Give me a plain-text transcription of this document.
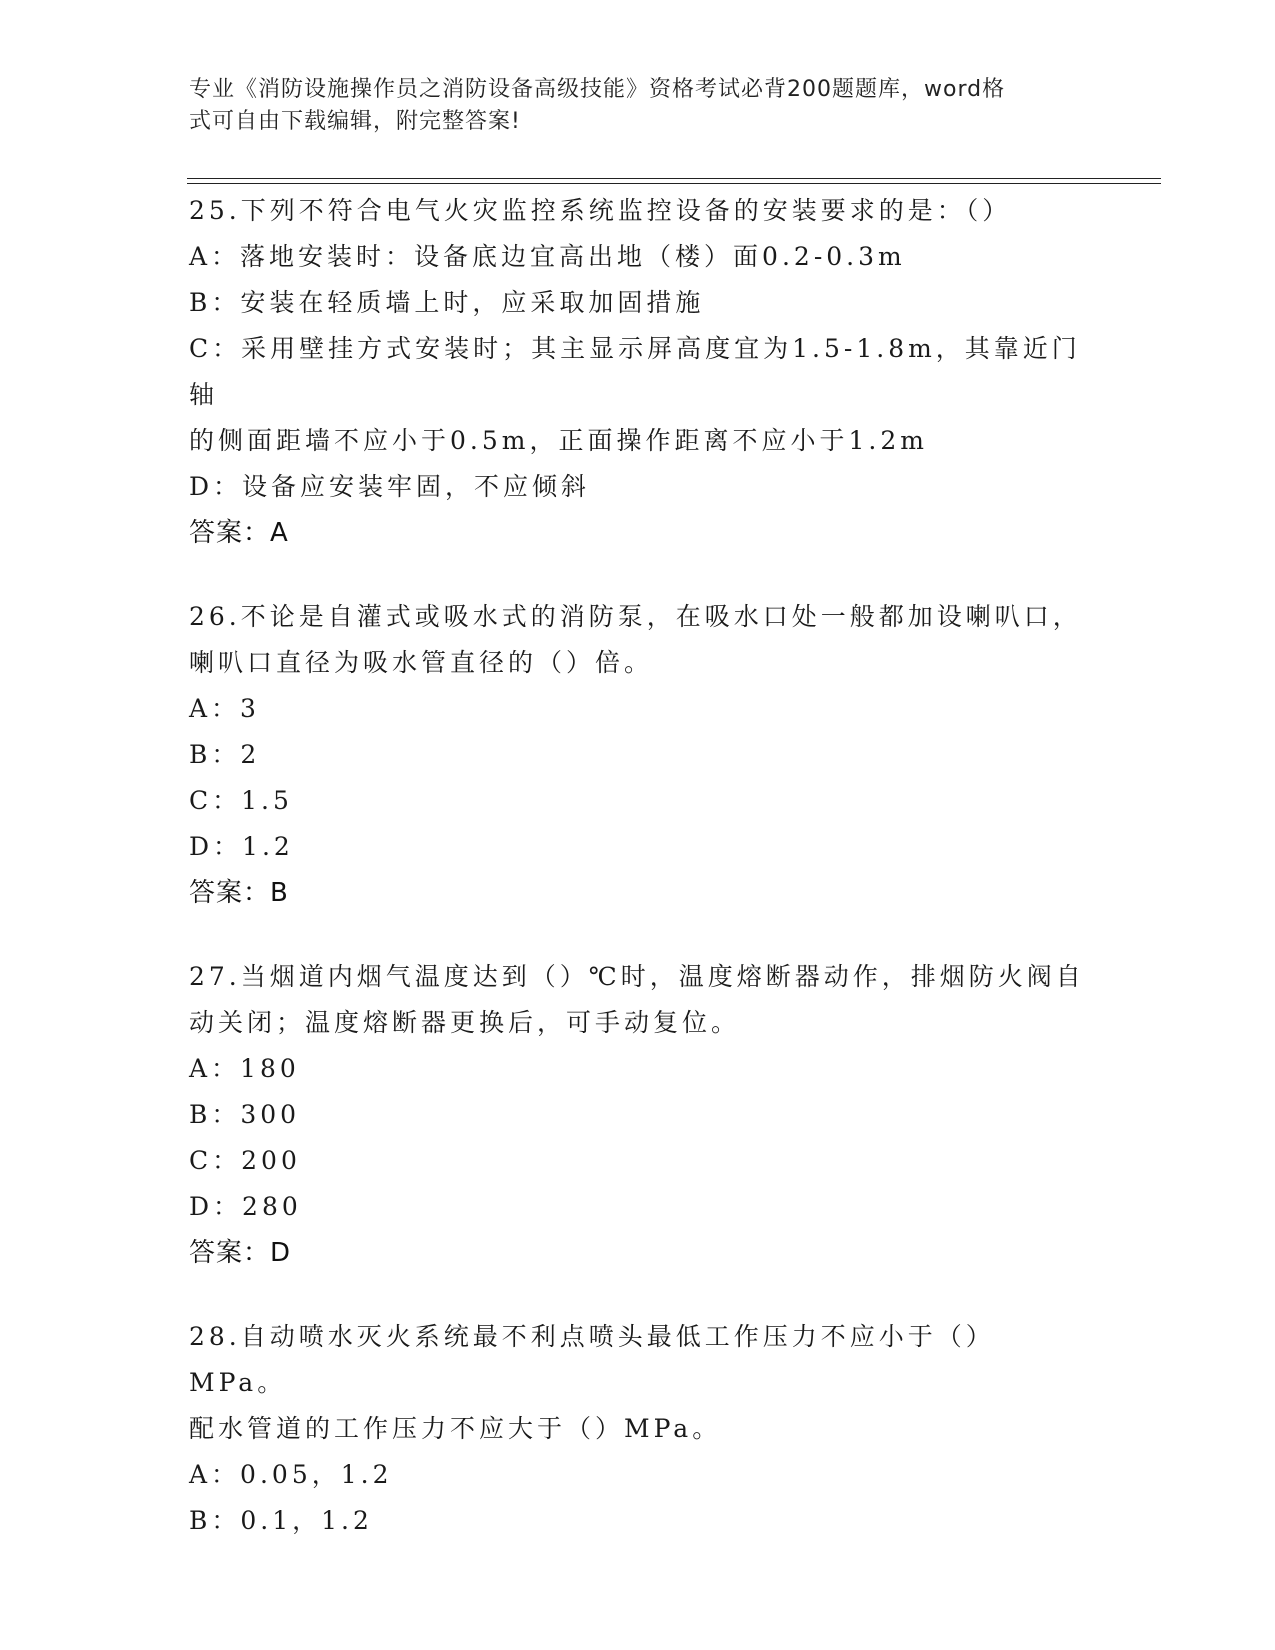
专业《消防设施操作员之消防设备高级技能》资格考试必背200题题库，word格
式可自由下载编辑，附完整答案!
25.下列不符合电气火灾监控系统监控设备的安装要求的是：（）
A：落地安装时：设备底边宜高出地（楼）面0.2-0.3m
B：安装在轻质墙上时，应采取加固措施
C：采用壁挂方式安装时；其主显示屏高度宜为1.5-1.8m，其靠近门轴
的侧面距墙不应小于0.5m，正面操作距离不应小于1.2m
D：设备应安装牢固，不应倾斜
答案：A
26.不论是自灌式或吸水式的消防泵，在吸水口处一般都加设喇叭口，
喇叭口直径为吸水管直径的（）倍。
A：3
B：2
C：1.5
D：1.2
答案：B
27.当烟道内烟气温度达到（）℃时，温度熔断器动作，排烟防火阀自
动关闭；温度熔断器更换后，可手动复位。
A：180
B：300
C：200
D：280
答案：D
28.自动喷水灭火系统最不利点喷头最低工作压力不应小于（）MPa。
配水管道的工作压力不应大于（）MPa。
A：0.05，1.2
B：0.1，1.2
